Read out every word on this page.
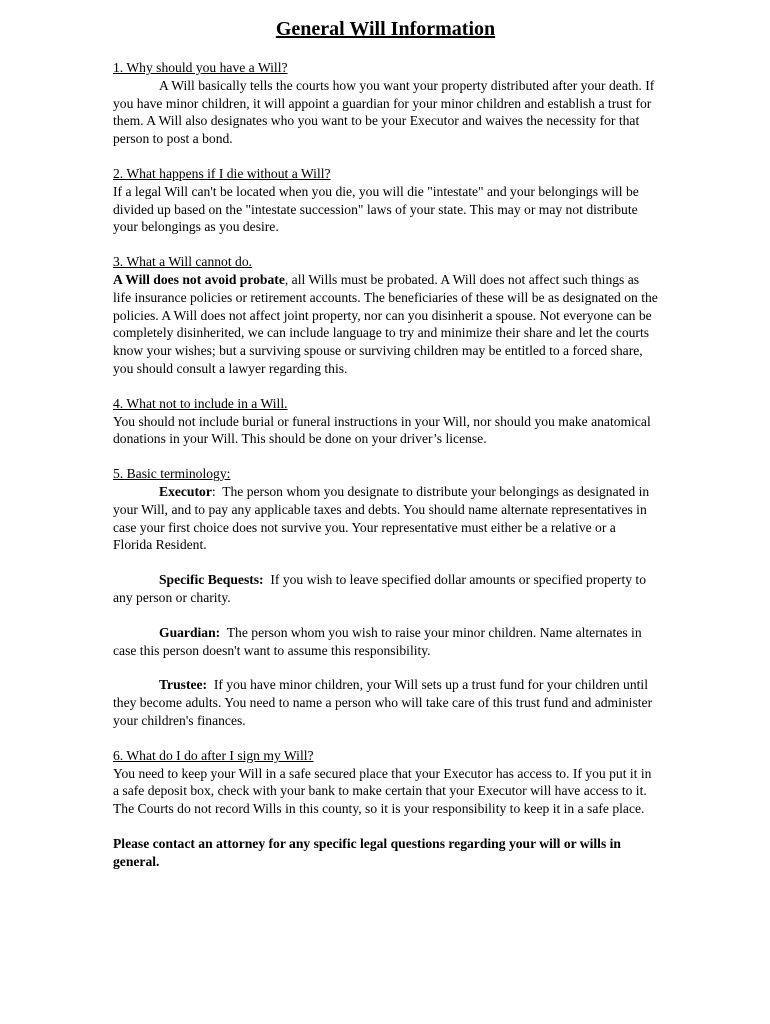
General Will Information

1. Why should you have a Will?

A Will basically tells the courts how you want your property distributed after your death. If you have minor children, it will appoint a guardian for your minor children and establish a trust for them. A Will also designates who you want to be your Executor and waives the necessity for that person to post a bond.

2. What happens if I die without a Will?

If a legal Will can't be located when you die, you will die "intestate" and your belongings will be divided up based on the "intestate succession" laws of your state. This may or may not distribute your belongings as you desire.

3. What a Will cannot do.

A Will does not avoid probate, all Wills must be probated. A Will does not affect such things as life insurance policies or retirement accounts. The beneficiaries of these will be as designated on the policies. A Will does not affect joint property, nor can you disinherit a spouse. Not everyone can be completely disinherited, we can include language to try and minimize their share and let the courts know your wishes; but a surviving spouse or surviving children may be entitled to a forced share, you should consult a lawyer regarding this.

4. What not to include in a Will.

You should not include burial or funeral instructions in your Will, nor should you make anatomical donations in your Will. This should be done on your driver’s license.

5. Basic terminology:

Executor:  The person whom you designate to distribute your belongings as designated in your Will, and to pay any applicable taxes and debts. You should name alternate representatives in case your first choice does not survive you. Your representative must either be a relative or a Florida Resident.

Specific Bequests: If you wish to leave specified dollar amounts or specified property to any person or charity.

Guardian: The person whom you wish to raise your minor children. Name alternates in case this person doesn't want to assume this responsibility.

Trustee: If you have minor children, your Will sets up a trust fund for your children until they become adults. You need to name a person who will take care of this trust fund and administer your children's finances.

6. What do I do after I sign my Will?

You need to keep your Will in a safe secured place that your Executor has access to. If you put it in a safe deposit box, check with your bank to make certain that your Executor will have access to it. The Courts do not record Wills in this county, so it is your responsibility to keep it in a safe place.

Please contact an attorney for any specific legal questions regarding your will or wills in general.
